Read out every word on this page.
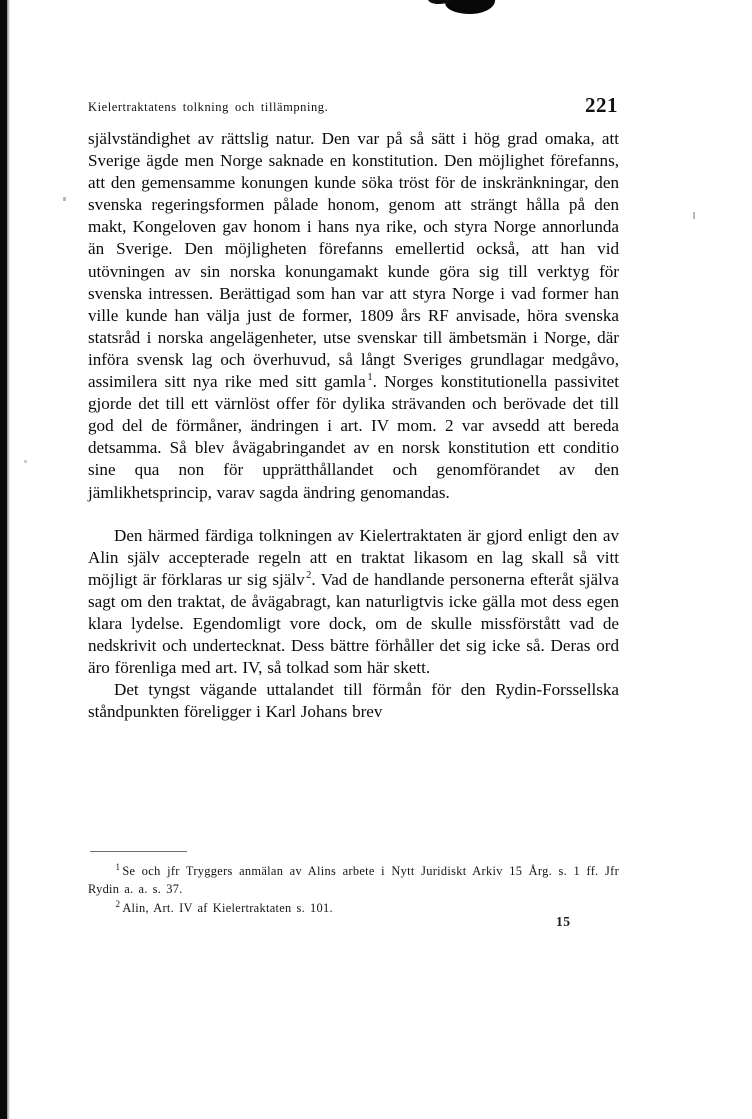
Kielertraktatens tolkning och tillämpning.	221

självständighet av rättslig natur. Den var på så sätt i hög grad omaka, att Sverige ägde men Norge saknade en konstitution. Den möjlighet förefanns, att den gemensamme konungen kunde söka tröst för de inskränkningar, den svenska regeringsformen pålade honom, genom att strängt hålla på den makt, Kongeloven gav honom i hans nya rike, och styra Norge annorlunda än Sverige. Den möjligheten förefanns emellertid också, att han vid utövningen av sin norska konungamakt kunde göra sig till verktyg för svenska intressen. Berättigad som han var att styra Norge i vad former han ville kunde han välja just de former, 1809 års RF anvisade, höra svenska statsråd i norska angelägenheter, utse svenskar till ämbetsmän i Norge, där införa svensk lag och överhuvud, så långt Sveriges grundlagar medgåvo, assimilera sitt nya rike med sitt gamla $^1$. Norges konstitutionella passivitet gjorde det till ett värnlöst offer för dylika strävanden och berövade det till god del de förmåner, ändringen i art. IV mom. 2 var avsedd att bereda detsamma. Så blev åvägabringandet av en norsk konstitution ett conditio sine qua non för upprätthållandet och genomförandet av den jämlikhetsprincip, varav sagda ändring genomandas.

Den härmed färdiga tolkningen av Kielertraktaten är gjord enligt den av Alin själv accepterade regeln att en traktat likasom en lag skall så vitt möjligt är förklaras ur sig själv $^2$. Vad de handlande personerna efteråt själva sagt om den traktat, de åvägabragt, kan naturligtvis icke gälla mot dess egen klara lydelse. Egendomligt vore dock, om de skulle missförstått vad de nedskrivit och undertecknat. Dess bättre förhåller det sig icke så. Deras ord äro förenliga med art. IV, så tolkad som här skett.

Det tyngst vägande uttalandet till förmån för den Rydin-Forssellska ståndpunkten föreligger i Karl Johans brev

$^1$ Se och jfr Tryggers anmälan av Alins arbete i Nytt Juridiskt Arkiv 15 Årg. s. 1 ff. Jfr Rydin a. a. s. 37.

$^2$ Alin, Art. IV af Kielertraktaten s. 101.

15
